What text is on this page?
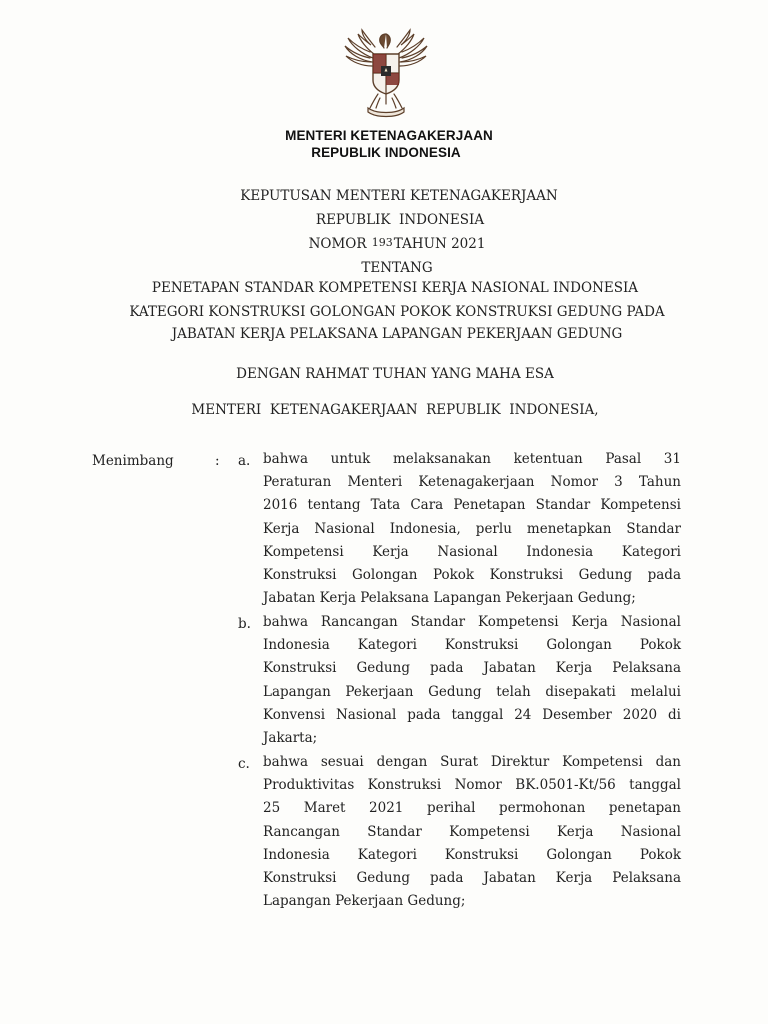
MENTERI KETENAGAKERJAAN
REPUBLIK INDONESIA
KEPUTUSAN MENTERI KETENAGAKERJAAN
REPUBLIK  INDONESIA
NOMOR 193TAHUN 2021
TENTANG
PENETAPAN STANDAR KOMPETENSI KERJA NASIONAL INDONESIA
KATEGORI KONSTRUKSI GOLONGAN POKOK KONSTRUKSI GEDUNG PADA
JABATAN KERJA PELAKSANA LAPANGAN PEKERJAAN GEDUNG
DENGAN RAHMAT TUHAN YANG MAHA ESA
MENTERI  KETENAGAKERJAAN  REPUBLIK  INDONESIA,
Menimbang	: a. bahwa untuk melaksanakan ketentuan Pasal 31
Peraturan Menteri Ketenagakerjaan Nomor 3 Tahun
2016 tentang Tata Cara Penetapan Standar Kompetensi
Kerja Nasional Indonesia, perlu menetapkan Standar
Kompetensi Kerja Nasional Indonesia Kategori
Konstruksi Golongan Pokok Konstruksi Gedung pada
Jabatan Kerja Pelaksana Lapangan Pekerjaan Gedung;
b. bahwa Rancangan Standar Kompetensi Kerja Nasional
Indonesia Kategori Konstruksi Golongan Pokok
Konstruksi Gedung pada Jabatan Kerja Pelaksana
Lapangan Pekerjaan Gedung telah disepakati melalui
Konvensi Nasional pada tanggal 24 Desember 2020 di
Jakarta;
c. bahwa sesuai dengan Surat Direktur Kompetensi dan
Produktivitas Konstruksi Nomor BK.0501-Kt/56 tanggal
25 Maret 2021 perihal permohonan penetapan
Rancangan Standar Kompetensi Kerja Nasional
Indonesia Kategori Konstruksi Golongan Pokok
Konstruksi Gedung pada Jabatan Kerja Pelaksana
Lapangan Pekerjaan Gedung;
